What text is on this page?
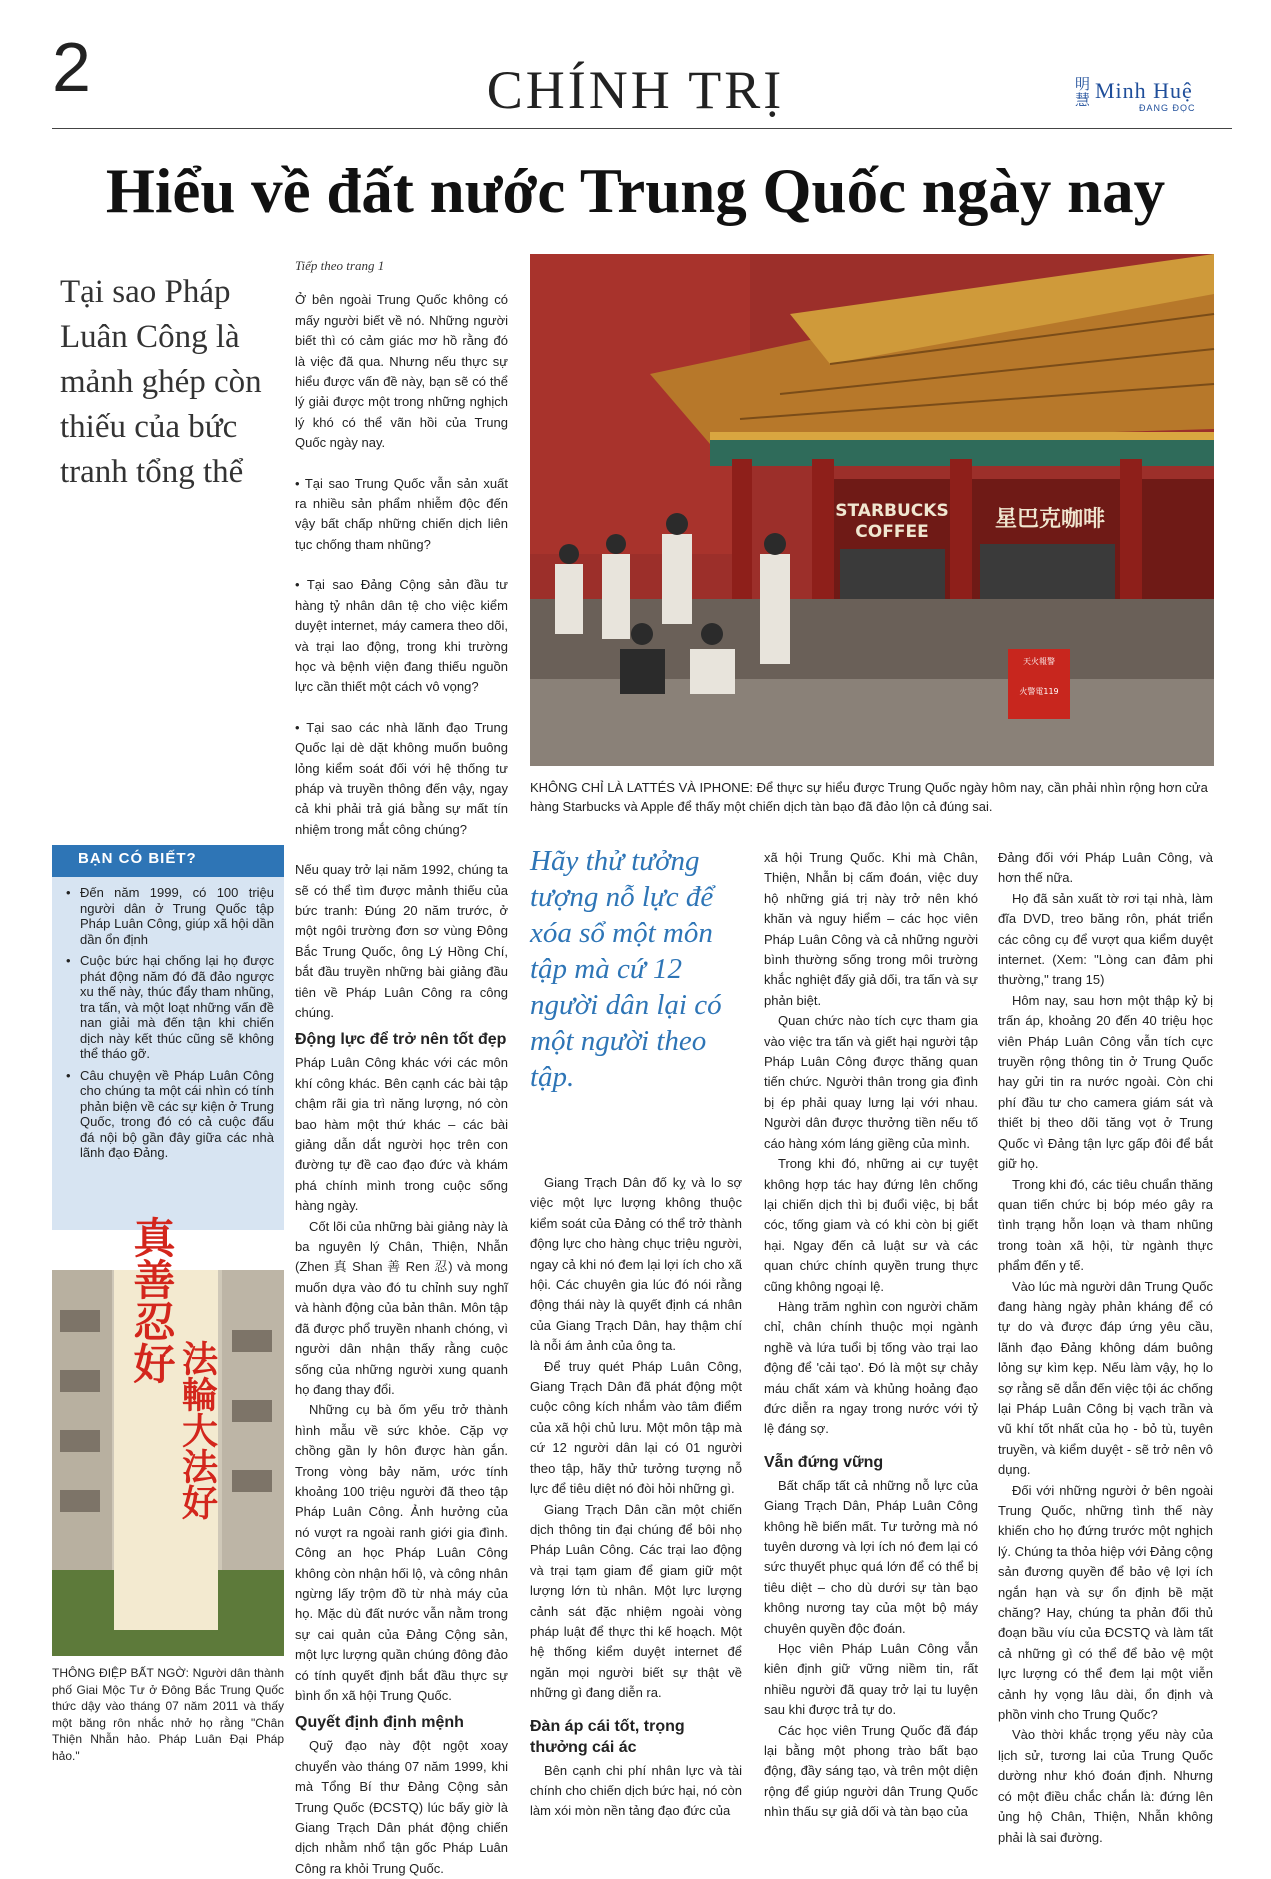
2	CHÍNH TRỊ	明慧 Minh Huệ
ĐANG ĐỌC
Hiểu về đất nước Trung Quốc ngày nay
Tại sao Pháp Luân Công là mảnh ghép còn thiếu của bức tranh tổng thể
Tiếp theo trang 1

Ở bên ngoài Trung Quốc không có mấy người biết về nó. Những người biết thì có cảm giác mơ hồ rằng đó là việc đã qua. Nhưng nếu thực sự hiểu được vấn đề này, bạn sẽ có thể lý giải được một trong những nghịch lý khó có thể vãn hồi của Trung Quốc ngày nay.

• Tại sao Trung Quốc vẫn sản xuất ra nhiều sản phẩm nhiễm độc đến vậy bất chấp những chiến dịch liên tục chống tham nhũng?

• Tại sao Đảng Cộng sản đầu tư hàng tỷ nhân dân tệ cho việc kiểm duyệt internet, máy camera theo dõi, và trại lao động, trong khi trường học và bệnh viện đang thiếu nguồn lực cần thiết một cách vô vọng?

• Tại sao các nhà lãnh đạo Trung Quốc lại dè dặt không muốn buông lỏng kiểm soát đối với hệ thống tư pháp và truyền thông đến vậy, ngay cả khi phải trả giá bằng sự mất tín nhiệm trong mắt công chúng?

Nếu quay trở lại năm 1992, chúng ta sẽ có thể tìm được mảnh thiếu của bức tranh: Đúng 20 năm trước, ở một ngôi trường đơn sơ vùng Đông Bắc Trung Quốc, ông Lý Hồng Chí, bắt đầu truyền những bài giảng đầu tiên về Pháp Luân Công ra công chúng.

Động lực để trở nên tốt đẹp

Pháp Luân Công khác với các môn khí công khác. Bên cạnh các bài tập chậm rãi gia trì năng lượng, nó còn bao hàm một thứ khác – các bài giảng dẫn dắt người học trên con đường tự đề cao đạo đức và khám phá chính mình trong cuộc sống hàng ngày.

Cốt lõi của những bài giảng này là ba nguyên lý Chân, Thiện, Nhẫn (Zhen 真 Shan 善 Ren 忍) và mong muốn dựa vào đó tu chỉnh suy nghĩ và hành động của bản thân. Môn tập đã được phổ truyền nhanh chóng, vì người dân nhận thấy rằng cuộc sống của những người xung quanh họ đang thay đổi.

Những cụ bà ốm yếu trở thành hình mẫu về sức khỏe. Cặp vợ chồng gần ly hôn được hàn gắn. Trong vòng bảy năm, ước tính khoảng 100 triệu người đã theo tập Pháp Luân Công. Ảnh hưởng của nó vượt ra ngoài ranh giới gia đình. Công an học Pháp Luân Công không còn nhận hối lộ, và công nhân ngừng lấy trộm đồ từ nhà máy của họ. Mặc dù đất nước vẫn nằm trong sự cai quản của Đảng Cộng sản, một lực lượng quần chúng đông đảo có tính quyết định bắt đầu thực sự bình ổn xã hội Trung Quốc.

Quyết định định mệnh

Quỹ đạo này đột ngột xoay chuyển vào tháng 07 năm 1999, khi mà Tổng Bí thư Đảng Cộng sản Trung Quốc (ĐCSTQ) lúc bấy giờ là Giang Trạch Dân phát động chiến dịch nhằm nhổ tận gốc Pháp Luân Công ra khỏi Trung Quốc.

BẠN CÓ BIẾT?
• Đến năm 1999, có 100 triệu người dân ở Trung Quốc tập Pháp Luân Công, giúp xã hội dần dần ổn định
• Cuộc bức hại chống lại họ được phát động năm đó đã đảo ngược xu thế này, thúc đẩy tham nhũng, tra tấn, và một loạt những vấn đề nan giải mà đến tận khi chiến dịch này kết thúc cũng sẽ không thể tháo gỡ.
• Câu chuyện về Pháp Luân Công cho chúng ta một cái nhìn có tính phản biện về các sự kiện ở Trung Quốc, trong đó có cả cuộc đấu đá nội bộ gần đây giữa các nhà lãnh đạo Đảng.
STARBUCKS
COFFEE	星巴克咖啡
天火報警
火警電119
KHÔNG CHỈ LÀ LATTÉS VÀ IPHONE: Để thực sự hiểu được Trung Quốc ngày hôm nay, cần phải nhìn rộng hơn cửa hàng Starbucks và Apple để thấy một chiến dịch tàn bạo đã đảo lộn cả đúng sai.
Hãy thử tưởng tượng nỗ lực để xóa sổ một môn tập mà cứ 12 người dân lại có một người theo tập.

Giang Trạch Dân đố kỵ và lo sợ việc một lực lượng không thuộc kiểm soát của Đảng có thể trở thành động lực cho hàng chục triệu người, ngay cả khi nó đem lại lợi ích cho xã hội. Các chuyên gia lúc đó nói rằng động thái này là quyết định cá nhân của Giang Trạch Dân, hay thậm chí là nỗi ám ảnh của ông ta.

Để truy quét Pháp Luân Công, Giang Trạch Dân đã phát động một cuộc công kích nhắm vào tâm điểm của xã hội chủ lưu. Một môn tập mà cứ 12 người dân lại có 01 người theo tập, hãy thử tưởng tượng nỗ lực để tiêu diệt nó đòi hỏi những gì.

Giang Trạch Dân cần một chiến dịch thông tin đại chúng để bôi nhọ Pháp Luân Công. Các trại lao động và trại tạm giam để giam giữ một lượng lớn tù nhân. Một lực lượng cảnh sát đặc nhiệm ngoài vòng pháp luật để thực thi kế hoạch. Một hệ thống kiểm duyệt internet để ngăn mọi người biết sự thật về những gì đang diễn ra.

Đàn áp cái tốt, trọng thưởng cái ác

Bên cạnh chi phí nhân lực và tài chính cho chiến dịch bức hại, nó còn làm xói mòn nền tảng đạo đức của

xã hội Trung Quốc. Khi mà Chân, Thiện, Nhẫn bị cấm đoán, việc duy hộ những giá trị này trở nên khó khăn và nguy hiểm – các học viên Pháp Luân Công và cả những người bình thường sống trong môi trường khắc nghiệt đấy giả dối, tra tấn và sự phản biệt.

Quan chức nào tích cực tham gia vào việc tra tấn và giết hại người tập Pháp Luân Công được thăng quan tiến chức. Người thân trong gia đình bị ép phải quay lưng lại với nhau. Người dân được thưởng tiền nếu tố cáo hàng xóm láng giềng của mình.

Trong khi đó, những ai cự tuyệt không hợp tác hay đứng lên chống lại chiến dịch thì bị đuổi việc, bị bắt cóc, tống giam và có khi còn bị giết hại. Ngay đến cả luật sư và các quan chức chính quyền trung thực cũng không ngoại lệ.

Hàng trăm nghìn con người chăm chỉ, chân chính thuộc mọi ngành nghề và lứa tuổi bị tống vào trại lao động để 'cải tạo'. Đó là một sự chảy máu chất xám và khủng hoảng đạo đức diễn ra ngay trong nước với tỷ lệ đáng sợ.

Vẫn đứng vững

Bất chấp tất cả những nỗ lực của Giang Trạch Dân, Pháp Luân Công không hề biến mất. Tư tưởng mà nó tuyên dương và lợi ích nó đem lại có sức thuyết phục quá lớn để có thể bị tiêu diệt – cho dù dưới sự tàn bạo không nương tay của một bộ máy chuyên quyền độc đoán.

Học viên Pháp Luân Công vẫn kiên định giữ vững niềm tin, rất nhiều người đã quay trở lại tu luyện sau khi được trả tự do.

Các học viên Trung Quốc đã đáp lại bằng một phong trào bất bạo động, đầy sáng tạo, và trên một diện rộng để giúp người dân Trung Quốc nhìn thấu sự giả dối và tàn bạo của

Đảng đối với Pháp Luân Công, và hơn thế nữa.

Họ đã sản xuất tờ rơi tại nhà, làm đĩa DVD, treo băng rôn, phát triển các công cụ để vượt qua kiểm duyệt internet. (Xem: "Lòng can đảm phi thường," trang 15)

Hôm nay, sau hơn một thập kỷ bị trấn áp, khoảng 20 đến 40 triệu học viên Pháp Luân Công vẫn tích cực truyền rộng thông tin ở Trung Quốc hay gửi tin ra nước ngoài. Còn chi phí đầu tư cho camera giám sát và thiết bị theo dõi tăng vọt ở Trung Quốc vì Đảng tận lực gấp đôi để bắt giữ họ.

Trong khi đó, các tiêu chuẩn thăng quan tiến chức bị bóp méo gây ra tình trạng hỗn loạn và tham nhũng trong toàn xã hội, từ ngành thực phẩm đến y tế.

Vào lúc mà người dân Trung Quốc đang hàng ngày phản kháng để có tự do và được đáp ứng yêu cầu, lãnh đạo Đảng không dám buông lỏng sự kìm kẹp. Nếu làm vậy, họ lo sợ rằng sẽ dẫn đến việc tội ác chống lại Pháp Luân Công bị vạch trần và vũ khí tốt nhất của họ - bỏ tù, tuyên truyền, và kiểm duyệt - sẽ trở nên vô dụng.

Đối với những người ở bên ngoài Trung Quốc, những tình thế này khiến cho họ đứng trước một nghịch lý. Chúng ta thỏa hiệp với Đảng cộng sản đương quyền để bảo vệ lợi ích ngắn hạn và sự ổn định bề mặt chăng? Hay, chúng ta phản đối thủ đoạn bầu víu của ĐCSTQ và làm tất cả những gì có thể để bảo vệ một lực lượng có thể đem lại một viễn cảnh hy vọng lâu dài, ổn định và phồn vinh cho Trung Quốc?

Vào thời khắc trọng yếu này của lịch sử, tương lai của Trung Quốc dường như khó đoán định. Nhưng có một điều chắc chắn là: đứng lên ủng hộ Chân, Thiện, Nhẫn không phải là sai đường.

真善忍好
法輪大法好
THÔNG ĐIỆP BẤT NGỜ: Người dân thành phố Giai Mộc Tư ở Đông Bắc Trung Quốc thức dậy vào tháng 07 năm 2011 và thấy một băng rôn nhắc nhở họ rằng "Chân Thiện Nhẫn hảo. Pháp Luân Đại Pháp hảo."
